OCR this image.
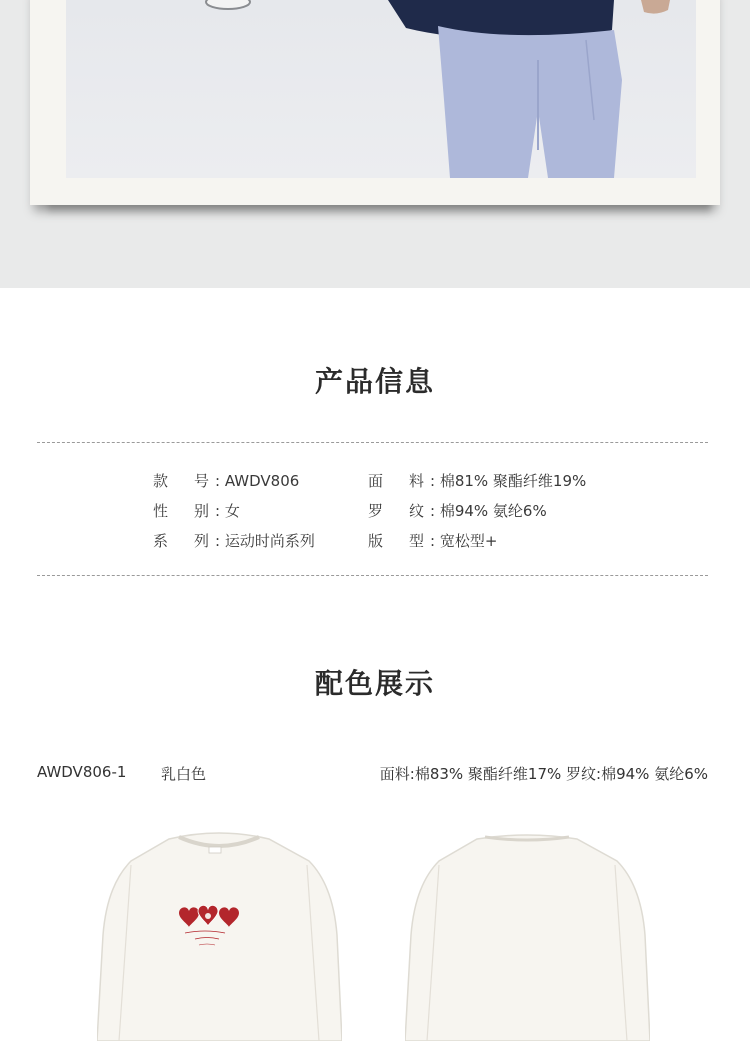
产品信息
款 号 : AWDV806	面 料 : 棉81% 聚酯纤维19%
性 别 : 女	罗 纹 : 棉94% 氨纶6%
系 列 : 运动时尚系列	版 型 : 宽松型+
配色展示
AWDV806-1 乳白色	面料:棉83% 聚酯纤维17% 罗纹:棉94% 氨纶6%
